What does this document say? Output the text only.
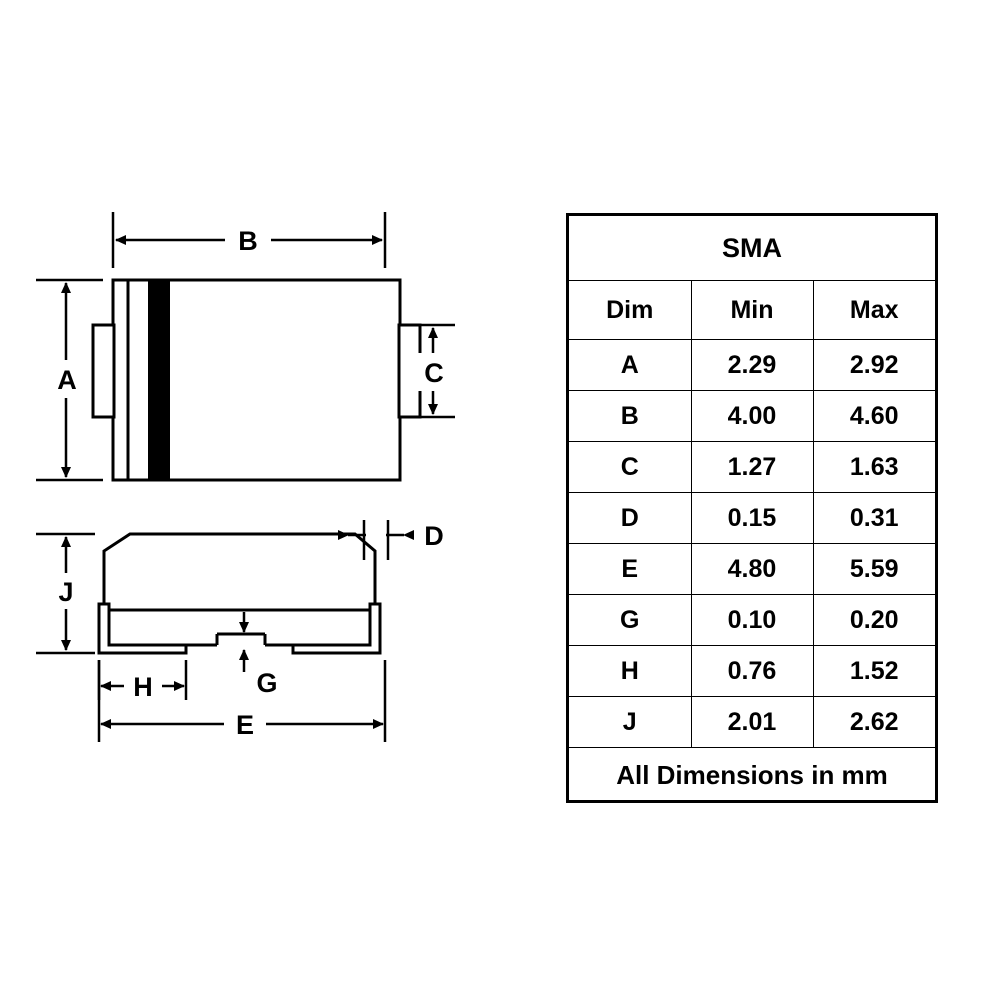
B
A	C
D
G
J
H
E
SMA		
Dim	Min	Max
A	2.29	2.92
B	4.00	4.60
C	1.27	1.63
D	0.15	0.31
E	4.80	5.59
G	0.10	0.20
H	0.76	1.52
J	2.01	2.62
All Dimensions in mm		
